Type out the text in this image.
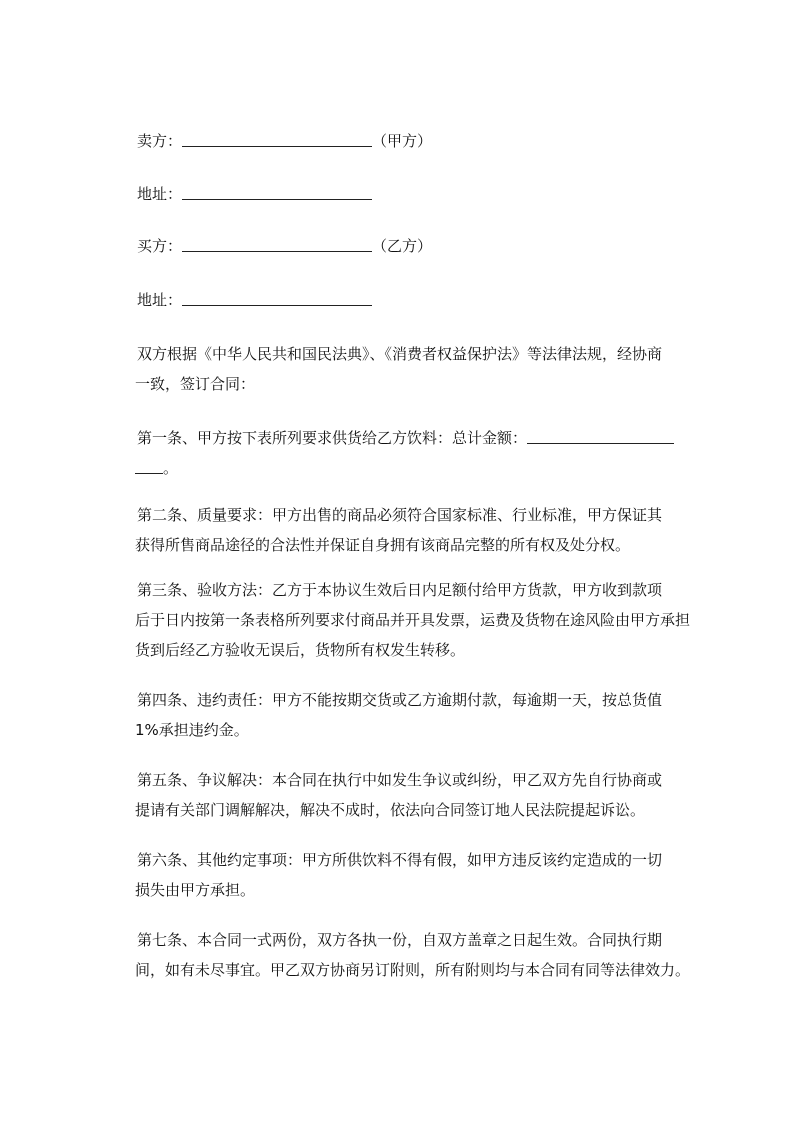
卖方：	（甲方）
地址：
买方：	（乙方）
地址：
双方根据《中华人民共和国民法典》、《消费者权益保护法》等法律法规，经协商
一致，签订合同：
第一条、甲方按下表所列要求供货给乙方饮料：总计金额：
。
第二条、质量要求：甲方出售的商品必须符合国家标准、行业标准，甲方保证其
获得所售商品途径的合法性并保证自身拥有该商品完整的所有权及处分权。
第三条、验收方法：乙方于本协议生效后日内足额付给甲方货款，甲方收到款项
后于日内按第一条表格所列要求付商品并开具发票，运费及货物在途风险由甲方承担
货到后经乙方验收无误后，货物所有权发生转移。
第四条、违约责任：甲方不能按期交货或乙方逾期付款，每逾期一天，按总货值
1%承担违约金。
第五条、争议解决：本合同在执行中如发生争议或纠纷，甲乙双方先自行协商或
提请有关部门调解解决，解决不成时，依法向合同签订地人民法院提起诉讼。
第六条、其他约定事项：甲方所供饮料不得有假，如甲方违反该约定造成的一切
损失由甲方承担。
第七条、本合同一式两份，双方各执一份，自双方盖章之日起生效。合同执行期
间，如有未尽事宜。甲乙双方协商另订附则，所有附则均与本合同有同等法律效力。
